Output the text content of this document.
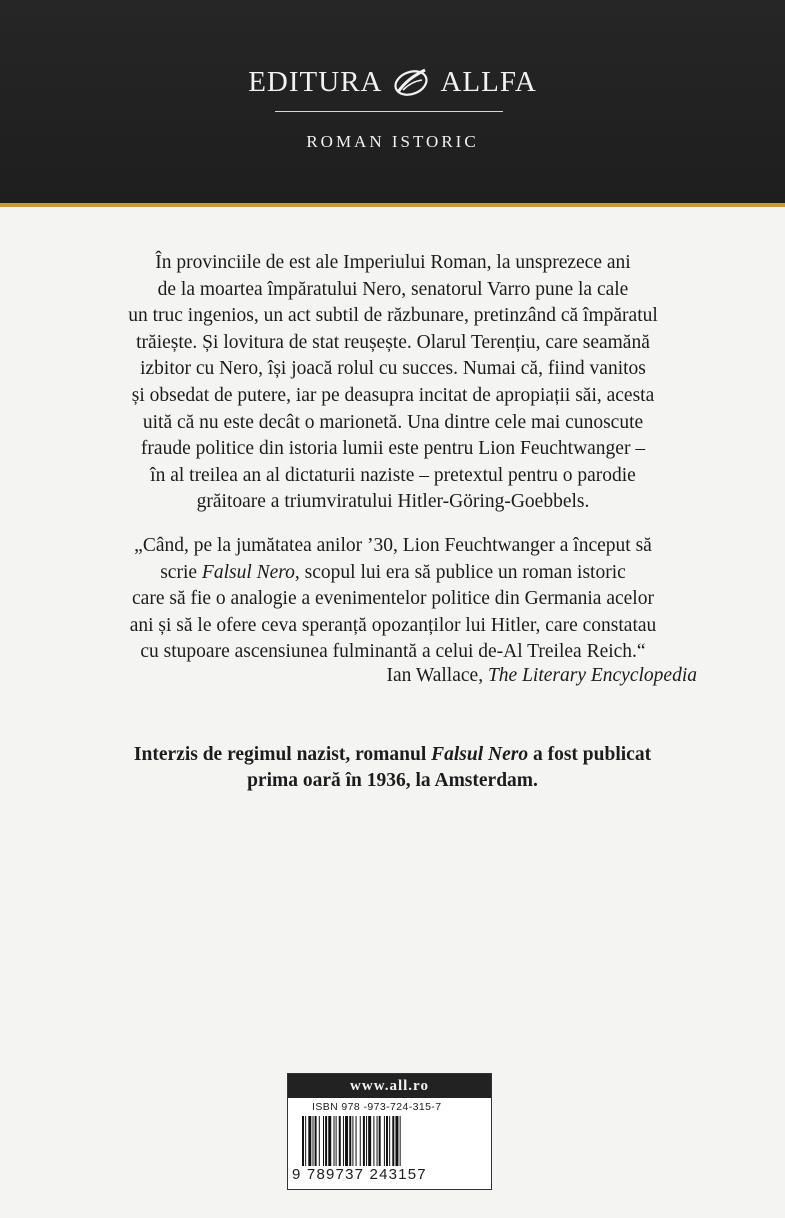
EDITURA ALLFA
ROMAN ISTORIC

În provinciile de est ale Imperiului Roman, la unsprezece ani
de la moartea împăratului Nero, senatorul Varro pune la cale
un truc ingenios, un act subtil de răzbunare, pretinzând că împăratul
trăiește. Și lovitura de stat reușește. Olarul Terențiu, care seamănă
izbitor cu Nero, își joacă rolul cu succes. Numai că, fiind vanitos
și obsedat de putere, iar pe deasupra incitat de apropiații săi, acesta
uită că nu este decât o marionetă. Una dintre cele mai cunoscute
fraude politice din istoria lumii este pentru Lion Feuchtwanger –
în al treilea an al dictaturii naziste – pretextul pentru o parodie
grăitoare a triumviratului Hitler-Göring-Goebbels.

„Când, pe la jumătatea anilor ’30, Lion Feuchtwanger a început să
scrie Falsul Nero, scopul lui era să publice un roman istoric
care să fie o analogie a evenimentelor politice din Germania acelor
ani și să le ofere ceva speranță opozanților lui Hitler, care constatau
cu stupoare ascensiunea fulminantă a celui de-Al Treilea Reich.“

Ian Wallace, The Literary Encyclopedia
Interzis de regimul nazist, romanul Falsul Nero a fost publicat
prima oară în 1936, la Amsterdam.
www.all.ro
ISBN 978 -973-724-315-7
9 789737 243157
